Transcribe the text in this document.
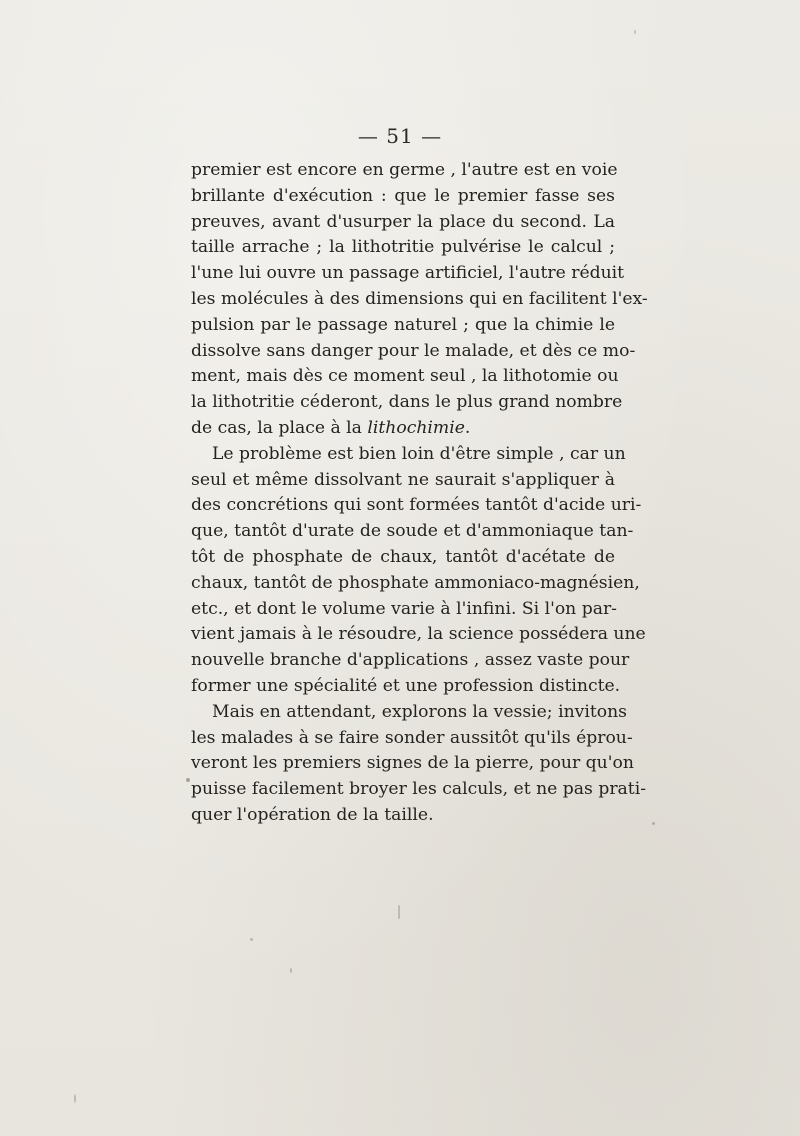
— 51 —
premier est encore en germe , l'autre est en voie
brillante d'exécution : que le premier fasse ses
preuves, avant d'usurper la place du second. La
taille arrache ; la lithotritie pulvérise le calcul ;
l'une lui ouvre un passage artificiel, l'autre réduit
les molécules à des dimensions qui en facilitent l'ex-
pulsion par le passage naturel ; que la chimie le
dissolve sans danger pour le malade, et dès ce mo-
ment, mais dès ce moment seul , la lithotomie ou
la lithotritie céderont, dans le plus grand nombre
de cas, la place à la lithochimie.
Le problème est bien loin d'être simple , car un
seul et même dissolvant ne saurait s'appliquer à
des concrétions qui sont formées tantôt d'acide uri-
que, tantôt d'urate de soude et d'ammoniaque tan-
tôt de phosphate de chaux, tantôt d'acétate de
chaux, tantôt de phosphate ammoniaco-magnésien,
etc., et dont le volume varie à l'infini. Si l'on par-
vient jamais à le résoudre, la science possédera une
nouvelle branche d'applications , assez vaste pour
former une spécialité et une profession distincte.
Mais en attendant, explorons la vessie; invitons
les malades à se faire sonder aussitôt qu'ils éprou-
veront les premiers signes de la pierre, pour qu'on
puisse facilement broyer les calculs, et ne pas prati-
quer l'opération de la taille.
